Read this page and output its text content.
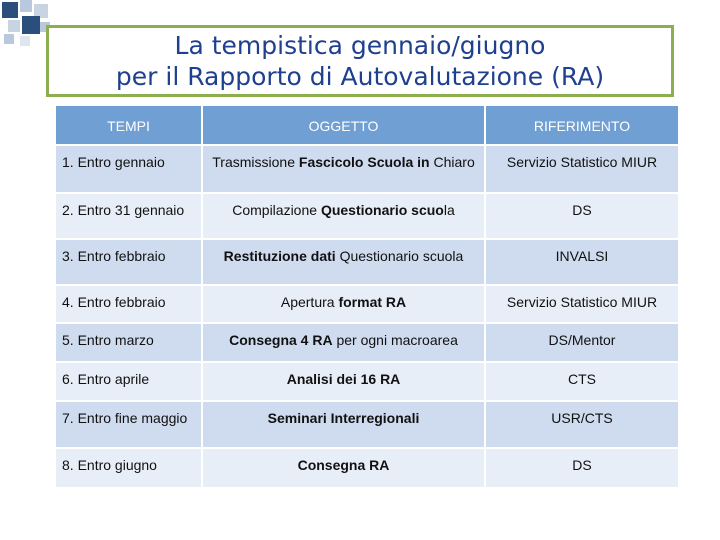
La tempistica gennaio/giugno
per il Rapporto di Autovalutazione (RA)
TEMPI	OGGETTO	RIFERIMENTO
1. Entro gennaio	Trasmissione Fascicolo Scuola in Chiaro	Servizio Statistico MIUR
2. Entro 31 gennaio	Compilazione Questionario scuola	DS
3. Entro febbraio	Restituzione dati Questionario scuola	INVALSI
4. Entro febbraio	Apertura format RA	Servizio Statistico MIUR
5. Entro marzo	Consegna 4 RA per ogni macroarea	DS/Mentor
6. Entro aprile	Analisi dei 16 RA	CTS
7. Entro fine maggio	Seminari Interregionali	USR/CTS
8. Entro giugno	Consegna RA	DS
